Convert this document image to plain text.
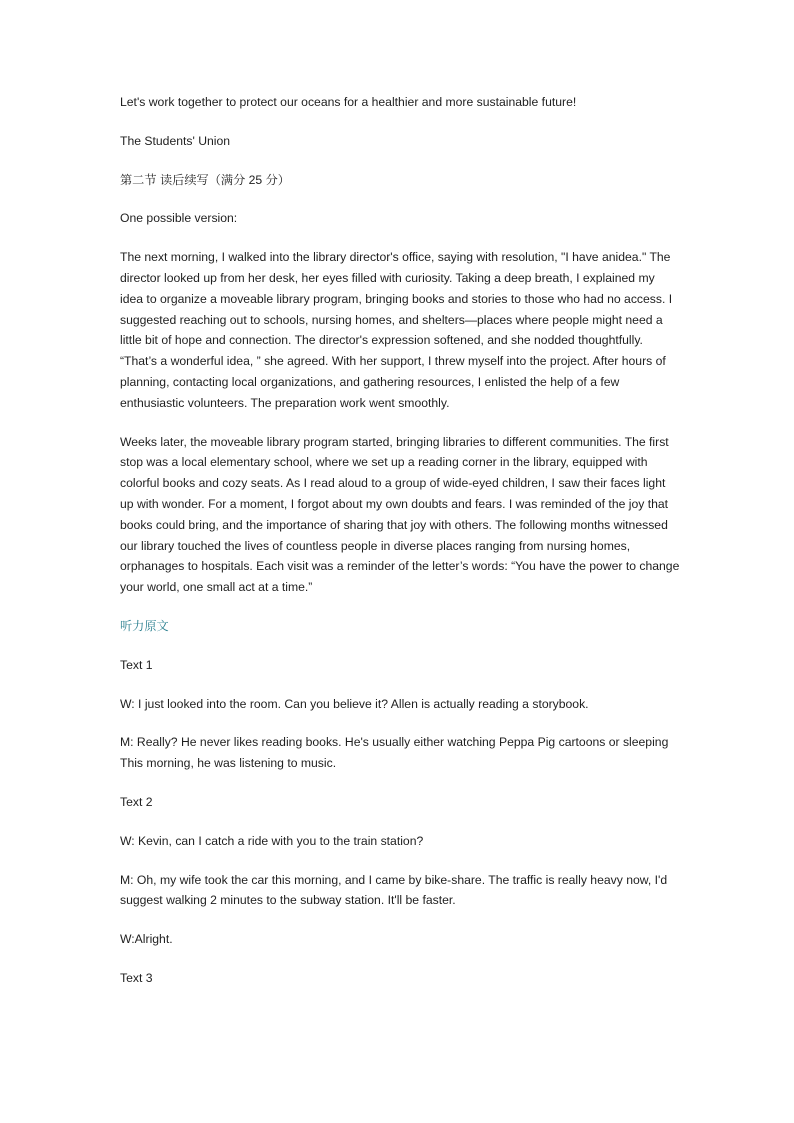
Let's work together to protect our oceans for a healthier and more sustainable future!

The Students' Union

第二节 读后续写（满分 25 分）

One possible version:

The next morning, I walked into the library director's office, saying with resolution, "I have anidea." The director looked up from her desk, her eyes filled with curiosity. Taking a deep breath, I explained my idea to organize a moveable library program, bringing books and stories to those who had no access. I suggested reaching out to schools, nursing homes, and shelters—places where people might need a little bit of hope and connection. The director's expression softened, and she nodded thoughtfully. “That’s a wonderful idea, ” she agreed. With her support, I threw myself into the project. After hours of planning, contacting local organizations, and gathering resources, I enlisted the help of a few enthusiastic volunteers. The preparation work went smoothly.

Weeks later, the moveable library program started, bringing libraries to different communities. The first stop was a local elementary school, where we set up a reading corner in the library, equipped with colorful books and cozy seats. As I read aloud to a group of wide-eyed children, I saw their faces light up with wonder. For a moment, I forgot about my own doubts and fears. I was reminded of the joy that books could bring, and the importance of sharing that joy with others. The following months witnessed our library touched the lives of countless people in diverse places ranging from nursing homes, orphanages to hospitals. Each visit was a reminder of the letter’s words: “You have the power to change your world, one small act at a time.”

听力原文

Text 1

W: I just looked into the room. Can you believe it? Allen is actually reading a storybook.

M: Really? He never likes reading books. He's usually either watching Peppa Pig cartoons or sleeping This morning, he was listening to music.

Text 2

W: Kevin, can I catch a ride with you to the train station?

M: Oh, my wife took the car this morning, and I came by bike-share. The traffic is really heavy now, I'd suggest walking 2 minutes to the subway station. It'll be faster.

W:Alright.

Text 3
